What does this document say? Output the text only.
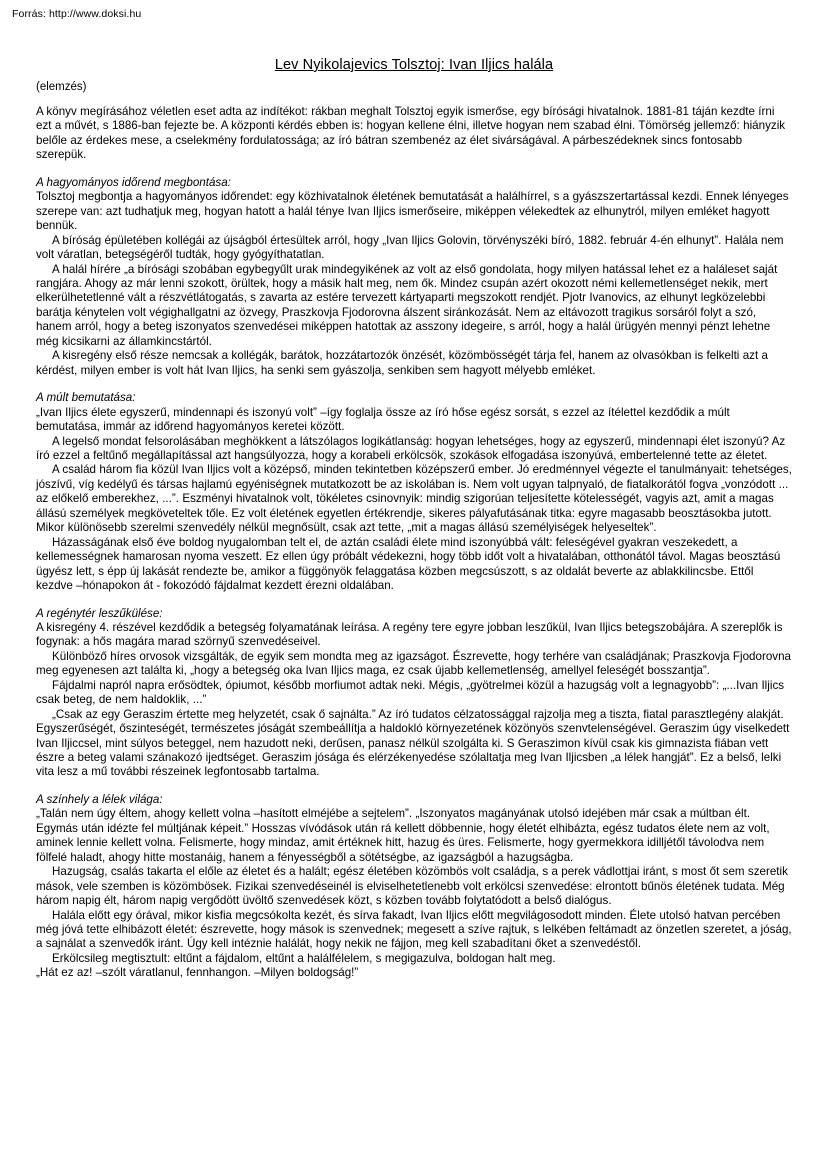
Forrás: http://www.doksi.hu
Lev Nyikolajevics Tolsztoj: Ivan Iljics halála
(elemzés)

A könyv megírásához véletlen eset adta az indítékot: rákban meghalt Tolsztoj egyik ismerőse, egy bírósági hivatalnok. 1881-81 táján kezdte írni ezt a művét, s 1886-ban fejezte be. A központi kérdés ebben is: hogyan kellene élni, illetve hogyan nem szabad élni. Tömörség jellemző: hiányzik belőle az érdekes mese, a cselekmény fordulatossága; az író bátran szembenéz az élet sivárságával. A párbeszédeknek sincs fontosabb szerepük.

A hagyományos időrend megbontása:

Tolsztoj megbontja a hagyományos időrendet: egy közhivatalnok életének bemutatását a halálhírrel, s a gyászszertartással kezdi. Ennek lényeges szerepe van: azt tudhatjuk meg, hogyan hatott a halál ténye Ivan Iljics ismerőseire, miképpen vélekedtek az elhunytról, milyen emléket hagyott bennük.

A bíróság épületében kollégái az újságból értesültek arról, hogy „Ivan Iljics Golovin, törvényszéki bíró, 1882. február 4-én elhunyt”. Halála nem volt váratlan, betegségéről tudták, hogy gyógyíthatatlan.

A halál hírére „a bírósági szobában egybegyűlt urak mindegyikének az volt az első gondolata, hogy milyen hatással lehet ez a haláleset saját rangjára. Ahogy az már lenni szokott, örültek, hogy a másik halt meg, nem ők. Mindez csupán azért okozott némi kellemetlenséget nekik, mert elkerülhetetlenné vált a részvétlátogatás, s zavarta az estére tervezett kártyaparti megszokott rendjét. Pjotr Ivanovics, az elhunyt legközelebbi barátja kénytelen volt végighallgatni az özvegy, Praszkovja Fjodorovna álszent siránkozását. Nem az eltávozott tragikus sorsáról folyt a szó, hanem arról, hogy a beteg iszonyatos szenvedései miképpen hatottak az asszony idegeire, s arról, hogy a halál ürügyén mennyi pénzt lehetne még kicsikarni az államkincstártól.

A kisregény első része nemcsak a kollégák, barátok, hozzátartozók önzését, közömbösségét tárja fel, hanem az olvasókban is felkelti azt a kérdést, milyen ember is volt hát Ivan Iljics, ha senki sem gyászolja, senkiben sem hagyott mélyebb emléket.

A múlt bemutatása:

„Ivan Iljics élete egyszerű, mindennapi és iszonyú volt” –így foglalja össze az író hőse egész sorsát, s ezzel az ítélettel kezdődik a múlt bemutatása, immár az időrend hagyományos keretei között.

A legelső mondat felsorolásában meghökkent a látszólagos logikátlanság: hogyan lehetséges, hogy az egyszerű, mindennapi élet iszonyú? Az író ezzel a feltűnő megállapítással azt hangsúlyozza, hogy a korabeli erkölcsök, szokások elfogadása iszonyúvá, embertelenné tette az életet.

A család három fia közül Ivan Iljics volt a középső, minden tekintetben középszerű ember. Jó eredménnyel végezte el tanulmányait: tehetséges, jószívű, víg kedélyű és társas hajlamú egyéniségnek mutatkozott be az iskolában is. Nem volt ugyan talpnyaló, de fiatalkorától fogva „vonzódott ... az előkelő emberekhez, ...”. Eszményi hivatalnok volt, tökéletes csinovnyik: mindig szigorúan teljesítette kötelességét, vagyis azt, amit a magas állású személyek megköveteltek tőle. Ez volt életének egyetlen értékrendje, sikeres pályafutásának titka: egyre magasabb beosztásokba jutott. Mikor különösebb szerelmi szenvedély nélkül megnősült, csak azt tette, „mit a magas állású személyiségek helyeseltek”.

Házasságának első éve boldog nyugalomban telt el, de aztán családi élete mind iszonyúbbá vált: feleségével gyakran veszekedett, a kellemességnek hamarosan nyoma veszett. Ez ellen úgy próbált védekezni, hogy több időt volt a hivatalában, otthonától távol. Magas beosztású ügyész lett, s épp új lakását rendezte be, amikor a függönyök felaggatása közben megcsúszott, s az oldalát beverte az ablakkilincsbe. Ettől kezdve –hónapokon át - fokozódó fájdalmat kezdett érezni oldalában.

A regénytér leszűkülése:

A kisregény 4. részével kezdődik a betegség folyamatának leírása. A regény tere egyre jobban leszűkül, Ivan Iljics betegszobájára. A szereplők is fogynak: a hős magára marad szörnyű szenvedéseivel.

Különböző híres orvosok vizsgálták, de egyik sem mondta meg az igazságot. Észrevette, hogy terhére van családjának; Praszkovja Fjodorovna meg egyenesen azt találta ki, „hogy a betegség oka Ivan Iljics maga, ez csak újabb kellemetlenség, amellyel feleségét bosszantja”.

Fájdalmi napról napra erősödtek, ópiumot, később morfiumot adtak neki. Mégis, „gyötrelmei közül a hazugság volt a legnagyobb”: „...Ivan Iljics csak beteg, de nem haldoklik, ...”

„Csak az egy Geraszim értette meg helyzetét, csak ő sajnálta.” Az író tudatos célzatossággal rajzolja meg a tiszta, fiatal parasztlegény alakját. Egyszerűségét, őszinteségét, természetes jóságát szembeállítja a haldokló környezetének közönyös szenvtelenségével. Geraszim úgy viselkedett Ivan Iljiccsel, mint súlyos beteggel, nem hazudott neki, derűsen, panasz nélkül szolgálta ki. S Geraszimon kívül csak kis gimnazista fiában vett észre a beteg valami szánakozó ijedtséget. Geraszim jósága és elérzékenyedése szólaltatja meg Ivan Iljicsben „a lélek hangját”. Ez a belső, lelki vita lesz a mű további részeinek legfontosabb tartalma.

A színhely a lélek világa:

„Talán nem úgy éltem, ahogy kellett volna –hasított elméjébe a sejtelem”. „Iszonyatos magányának utolsó idejében már csak a múltban élt. Egymás után idézte fel múltjának képeit.” Hosszas vívódások után rá kellett döbbennie, hogy életét elhibázta, egész tudatos élete nem az volt, aminek lennie kellett volna. Felismerte, hogy mindaz, amit értéknek hitt, hazug és üres. Felismerte, hogy gyermekkora idilljétől távolodva nem fölfelé haladt, ahogy hitte mostanáig, hanem a fényességből a sötétségbe, az igazságból a hazugságba.

Hazugság, csalás takarta el előle az életet és a halált; egész életében közömbös volt családja, s a perek vádlottjai iránt, s most őt sem szeretik mások, vele szemben is közömbösek. Fizikai szenvedéseinél is elviselhetetlenebb volt erkölcsi szenvedése: elrontott bűnös életének tudata. Még három napig élt, három napig vergődött üvöltő szenvedések közt, s közben tovább folytatódott a belső dialógus.

Halála előtt egy órával, mikor kisfia megcsókolta kezét, és sírva fakadt, Ivan Iljics előtt megvilágosodott minden. Élete utolsó hatvan percében még jóvá tette elhibázott életét: észrevette, hogy mások is szenvednek; megesett a szíve rajtuk, s lelkében feltámadt az önzetlen szeretet, a jóság, a sajnálat a szenvedők iránt. Úgy kell intéznie halálát, hogy nekik ne fájjon, meg kell szabadítani őket a szenvedéstől.

Erkölcsileg megtisztult: eltűnt a fájdalom, eltűnt a halálfélelem, s megigazulva, boldogan halt meg.

„Hát ez az! –szólt váratlanul, fennhangon. –Milyen boldogság!”
